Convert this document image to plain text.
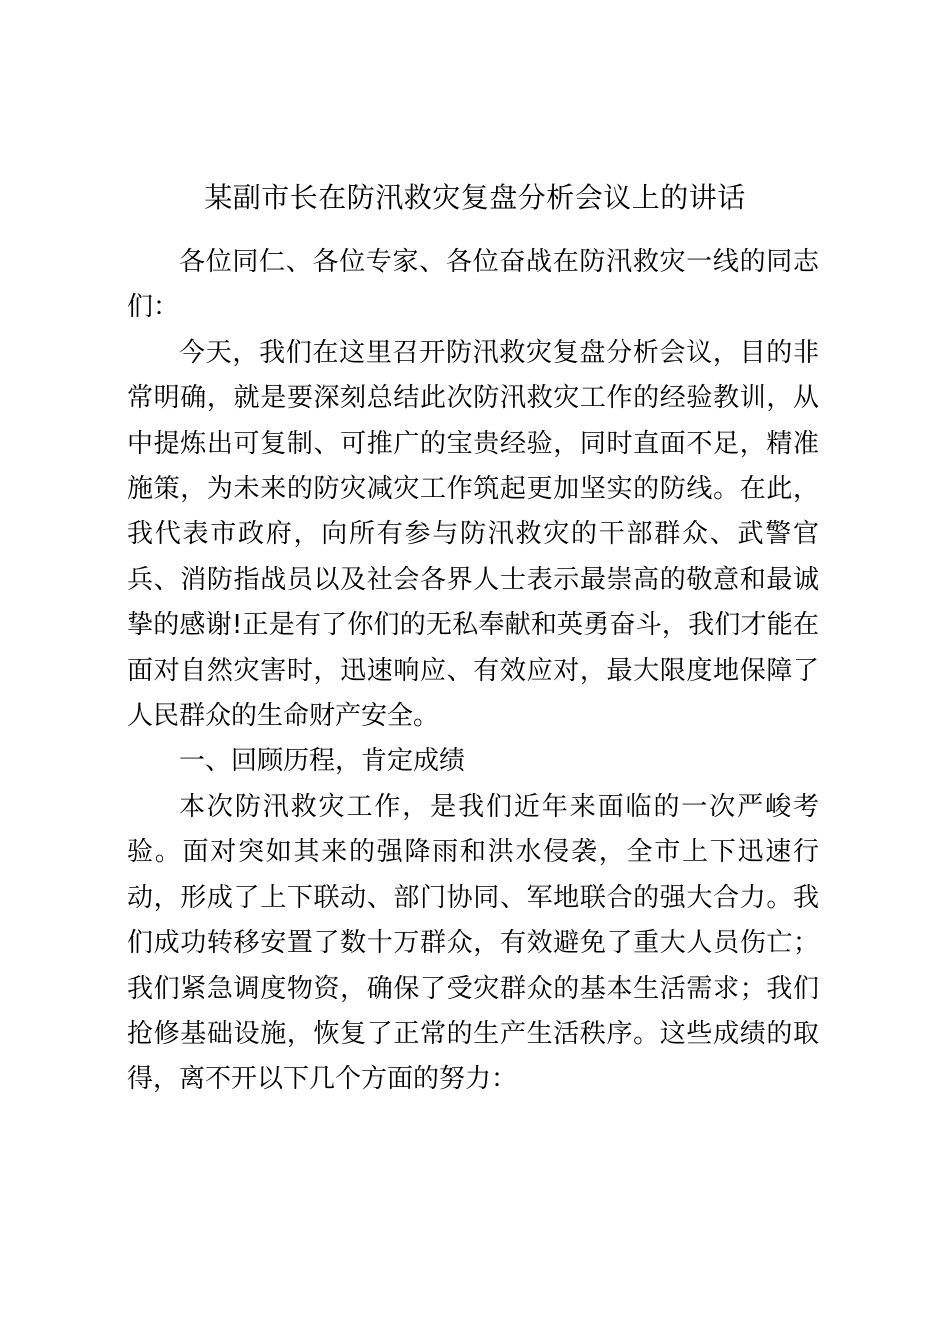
某副市长在防汛救灾复盘分析会议上的讲话

各位同仁、各位专家、各位奋战在防汛救灾一线的同志们：

今天，我们在这里召开防汛救灾复盘分析会议，目的非常明确，就是要深刻总结此次防汛救灾工作的经验教训，从中提炼出可复制、可推广的宝贵经验，同时直面不足，精准施策，为未来的防灾减灾工作筑起更加坚实的防线。在此，我代表市政府，向所有参与防汛救灾的干部群众、武警官兵、消防指战员以及社会各界人士表示最崇高的敬意和最诚挚的感谢!正是有了你们的无私奉献和英勇奋斗，我们才能在面对自然灾害时，迅速响应、有效应对，最大限度地保障了人民群众的生命财产安全。

一、回顾历程，肯定成绩

本次防汛救灾工作，是我们近年来面临的一次严峻考验。面对突如其来的强降雨和洪水侵袭，全市上下迅速行动，形成了上下联动、部门协同、军地联合的强大合力。我们成功转移安置了数十万群众，有效避免了重大人员伤亡；我们紧急调度物资，确保了受灾群众的基本生活需求；我们抢修基础设施，恢复了正常的生产生活秩序。这些成绩的取得，离不开以下几个方面的努力：
